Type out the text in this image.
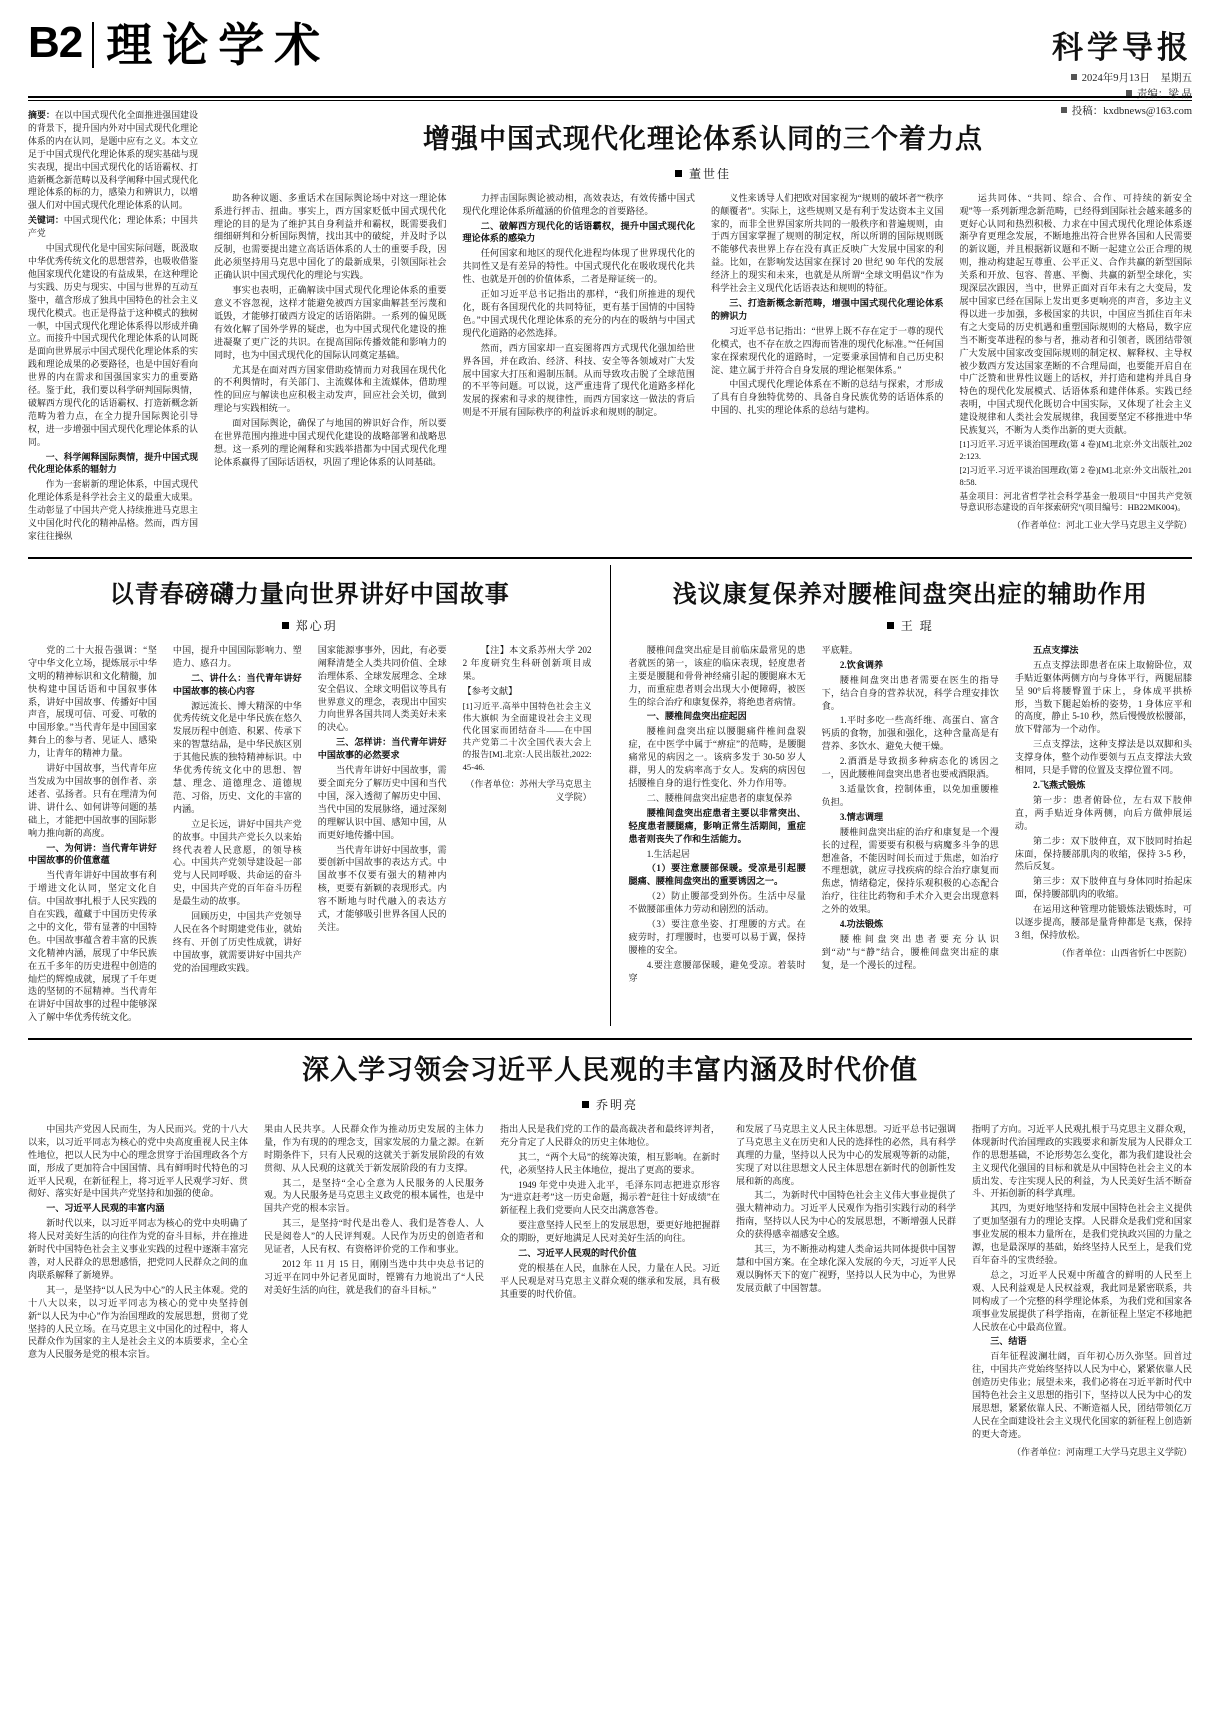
B2 理论学术	科学导报
2024年9月13日　星期五
责编：梁 晶
投稿：kxdbnews@163.com

摘要：在以中国式现代化全面推进强国建设的背景下，提升国内外对中国式现代化理论体系的内在认同，是题中应有之义。本文立足于中国式现代化理论体系的现实基础与现实表现，提出中国式现代化的话语霸权、打造新概念新范畴以及科学阐释中国式现代化理论体系的标的力，感染力和辨识力，以增强人们对中国式现代化理论体系的认同。

关键词：中国式现代化；理论体系；中国共产党

中国式现代化是中国实际问题，既汲取中华优秀传统文化的思想营养，也吸收借鉴他国家现代化建设的有益成果，在这种理论与实践、历史与现实、中国与世界的互动互鉴中，蕴含形成了独具中国特色的社会主义现代化模式。也正是得益于这种模式的独树一帜，中国式现代化理论体系得以形成并确立。而接升中国式现代化理论体系的认同既是面向世界展示中国式现代化理论体系的实践和理论成果的必要路径，也是中国好看向世界的内在需求和国强国家实力的重要路径。鉴于此，我们要以科学研判国际舆情，破解西方现代化的话语霸权、打造新概念新范畴为着力点，在全力提升国际舆论引导权，进一步增强中国式现代化理论体系的认同。

一、科学阐释国际舆情，提升中国式现代化理论体系的辐射力

作为一套崭新的理论体系，中国式现代化理论体系是科学社会主义的最重大成果。生动彰显了中国共产党人持续推进马克思主义中国化时代化的精神品格。然而，西方国家往往操纵

增强中国式现代化理论体系认同的三个着力点
董世佳

助各种议题、多重话术在国际舆论场中对这一理论体系进行抨击、扭曲。事实上，西方国家贬低中国式现代化理论的目的是为了维护其自身利益并和霸权，既需要我们细细研判和分析国际舆情，找出其中的破绽，并及时予以反制，也需要提出建立高话语体系的人士的重要手段，因此必须坚持用马克思中国化了的最新成果，引领国际社会正确认识中国式现代化的理论与实践。

事实也表明，正确解读中国式现代化理论体系的重要意义不容忽视，这样才能避免被西方国家曲解甚至污蔑和诋毁，才能够打破西方设定的话语陷阱。一系列的偏见既有效化解了国外学界的疑虑，也为中国式现代化建设的推进凝聚了更广泛的共识。在提高国际传播效能和影响力的同时，也为中国式现代化的国际认同奠定基础。

尤其是在面对西方国家借助疫情而力对我国在现代化的不利舆情时，有关部门、主流媒体和主流媒体，借助理性的回应与解读也应积极主动发声，回应社会关切，做到理论与实践相统一。

面对国际舆论，确保了与地国的辨识好合作，所以要在世界范围内推进中国式现代化建设的战略部署和战略思想。这一系列的理论阐释和实践举措都为中国式现代化理论体系赢得了国际话语权，巩固了理论体系的认同基础。

力抨击国际舆论被动相，高效表达，有效传播中国式现代化理论体系所蕴涵的价值理念的首要路径。

二、破解西方现代化的话语霸权，提升中国式现代化理论体系的感染力

任何国家和地区的现代化进程均体现了世界现代化的共同性又是有差异的特性。中国式现代化在吸收现代化共性、也就是开创的价值体系，二者是辩证统一的。

正如习近平总书记指出的那样，“我们所推进的现代化，既有各国现代化的共同特征，更有基于国情的中国特色。”中国式现代化理论体系的充分的内在的吸纳与中国式现代化道路的必然选择。

然而，西方国家却一直妄图将西方式现代化强加给世界各国，并在政治、经济、科技、安全等各领域对广大发展中国家大打压和遏制压制。从而导致攻击脱了全球范围的不平等问题。可以说，这严重违背了现代化道路多样化发展的探索和寻求的规律性，而西方国家这一做法的背后则是不开展有国际秩序的利益诉求和规则的制定。

义性来诱导人们把欧对国家视为“规则的破坏者”“秩序的颠覆者”。实际上，这些规则又是有利于发达资本主义国家的，而非全世界国家所共同的一般秩序和普遍规则，由于西方国家掌握了规则的制定权，所以所谓的国际规则既不能够代表世界上存在没有真正反映广大发展中国家的利益。比如，在影响发达国家在探讨 20 世纪 90 年代的发展经济上的现实和未来，也就是从所谓“全球文明倡议”作为科学社会主义现代化话语表达和规则的特征。

三、打造新概念新范畴，增强中国式现代化理论体系的辨识力

习近平总书记指出：“世界上既不存在定于一尊的现代化模式，也不存在放之四海而皆准的现代化标准。”“任何国家在探索现代化的道路时，一定要秉承国情和自己历史积淀、建立属于并符合自身发展的理论框架体系。”

中国式现代化理论体系在不断的总结与探索，才形成了具有自身独特优势的、具备自身民族优势的话语体系的中国的、扎实的理论体系的总结与建构。

运共同体、“共同、综合、合作、可持续的新安全观”等一系列新理念新范畴，已经得到国际社会越来越多的更好心认同和热烈积极、力求在中国式现代化理论体系逐渐孕育更理念发展，不断地推出符合世界各国和人民需要的新议题，并且根据新议题和不断一起建立公正合理的规则，推动构建起互尊重、公平正义、合作共赢的新型国际关系和开放、包容、普惠、平衡、共赢的新型全球化，实现深层次跟因，当中，世界正面对百年未有之大变局，发展中国家已经在国际上发出更多更响亮的声音，多边主义得以进一步加强，多极国家的共识，中国应当抓住百年未有之大变局的历史机遇和重塑国际规则的大格局，数字应当不断变革进程的参与者，推动者和引领者，既团结带领广大发展中国家改变国际规则的制定权、解释权、主导权被少数西方发达国家垄断的不合理局面，也要能开启自在中广泛赞和世界性议题上的话权，并打造和建构并具自身特色的现代化发展模式、话语体系和建伴体系。实践已经表明，中国式现代化既切合中国实际，又体现了社会主义建设规律和人类社会发展规律，我国要坚定不移推进中华民族复兴，不断为人类作出新的更大贡献。

[1]习近平.习近平谈治国理政(第 4 卷)[M].北京:外文出版社,2022:123.

[2]习近平.习近平谈治国理政(第 2 卷)[M].北京:外文出版社,2018:58.

基金项目：河北省哲学社会科学基金一般项目“中国共产党领导意识形态建设的百年探索研究”(项目编号：HB22MK004)。

（作者单位：河北工业大学马克思主义学院）
以青春磅礴力量向世界讲好中国故事
郑心玥

党的二十大报告强调：“坚守中华文化立场，提炼展示中华文明的精神标识和文化精髓，加快构建中国话语和中国叙事体系，讲好中国故事、传播好中国声音，展现可信、可爱、可敬的中国形象。”当代青年是中国国家舞台上的参与者、见证人、感染力，让青年的精神力量。

讲好中国故事，当代青年应当发成为中国故事的创作者、亲述者、弘扬者。只有在理清为何讲、讲什么、如何讲等问题的基础上，才能把中国故事的国际影响力推向新的高度。

一、为何讲：当代青年讲好中国故事的价值意蕴

当代青年讲好中国故事有利于增进文化认同，坚定文化自信。中国故事扎根于人民实践的自在实践，蕴藏于中国历史传承之中的文化，带有显著的中国特色。中国故事蕴含着丰富的民族文化精神内涵，展现了中华民族在五千多年的历史进程中创造的灿烂的辉煌成就，展现了千年更迭的坚韧的不屈精神。当代青年在讲好中国故事的过程中能够深入了解中华优秀传统文化。

中国，提升中国国际影响力、塑造力、感召力。

二、讲什么：当代青年讲好中国故事的核心内容

源远流长、博大精深的中华优秀传统文化是中华民族在悠久发展历程中创造、积累、传承下来的智慧结晶，是中华民族区别于其他民族的独特精神标识。中华优秀传统文化中的思想、智慧、理念、道德理念、道德规范、习俗，历史、文化的丰富的内涵。

立足长远，讲好中国共产党的故事。中国共产党长久以来始终代表着人民意愿，的领导核心。中国共产党领导建设起一部党与人民同呼吸、共命运的奋斗史，中国共产党的百年奋斗历程是最生动的故事。

回顾历史，中国共产党领导人民在各个时期建党伟业，就始终有、开创了历史性成就，讲好中国故事，就需要讲好中国共产党的治国理政实践。

国家能源事事外，因此，有必要阐释清楚全人类共同价值、全球治理体系、全球发展理念、全球安全倡议、全球文明倡议等具有世界意义的理念，表现出中国实力向世界各国共同人类美好未来的决心。

三、怎样讲：当代青年讲好中国故事的必然要求

当代青年讲好中国故事，需要全面充分了解历史中国和当代中国，深入透彻了解历史中国、当代中国的发展脉络，通过深刻的理解认识中国、感知中国，从而更好地传播中国。

当代青年讲好中国故事，需要创新中国故事的表达方式。中国故事不仅要有强大的精神内核，更要有新颖的表现形式。内容不断地与时代融入的表达方式，才能够吸引世界各国人民的关注。

【注】本文系苏州大学 2022 年度研究生科研创新项目成果。

【参考文献】

[1]习近平.高举中国特色社会主义伟大旗帜 为全面建设社会主义现代化国家而团结奋斗——在中国共产党第二十次全国代表大会上的报告[M].北京:人民出版社,2022:45-46.

（作者单位：苏州大学马克思主义学院）
浅议康复保养对腰椎间盘突出症的辅助作用
王 琨

腰椎间盘突出症是目前临床最常见的患者就医的第一，该症的临床表现，轻度患者主要是腰腿和骨骨神经痛引起的腰腿麻木无力，而重症患者则会出现大小便障碍，被医生的综合治疗和康复保养，将绝患者病情。

一、腰椎间盘突出症起因

腰椎间盘突出症以腰腿痛件椎间盘裂症，在中医学中属于“痹症”的范畴，是腰腿痛常见的病因之一。该病多发于 30-50 岁人群，男人的发病率高于女人。发病的病因包括腰椎自身的退行性变化、外力作用等。

二、腰椎间盘突出症患者的康复保养

腰椎间盘突出症患者主要以非常突出、轻度患者腰腿痛，影响正常生活期间，重症患者则丧失了作和生活能力。

1.生活起居

（1）要注意腰部保暖。受凉是引起腰腿痛、腰椎间盘突出的重要诱因之一。

（2）防止腰部受到外伤。生活中尽量不做腰部重体力劳动和剧烈的活动。

（3）要注意坐姿、打理腰的方式。在疲劳时，打理腰时，也要可以易于翼，保持腰椎的安全。

4.要注意腰部保暖，避免受凉。着装时穿

平底鞋。

2.饮食调养

腰椎间盘突出患者需要在医生的指导下，结合自身的营养状况，科学合理安排饮食。

1.平时多吃一些高纤维、高蛋白、富含钙质的食物，加强和强化，这种含量高是有营养、多饮水、避免大便干燥。

2.酒酒是导致损多种病态化的诱因之一，因此腰椎间盘突出患者也要戒酒限酒。

3.适量饮食，控制体重，以免加重腰椎负担。

3.情志调理

腰椎间盘突出症的治疗和康复是一个漫长的过程，需要要有积极与病魔多斗争的思想准备，不能因时间长而过于焦虑，如治疗不理想就，就应寻找疾病的综合治疗康复而焦虑，情绪稳定，保持乐观积极的心态配合治疗，往往比药物和手术介入更会出现意料之外的效果。

4.功法锻炼

腰椎间盘突出患者要充分认识到“动”与“静”结合，腰椎间盘突出症的康复，是一个漫长的过程。

五点支撑法

五点支撑法即患者在床上取俯卧位，双手贴近躯体两侧方向与身体平行，两腿屈膝呈 90°后将腰臀置于床上，身体成平拱桥形，当数下腿起始桥的姿势，1 身体应平和的高度，静止 5-10 秒，然后慢慢放松腰部，放下臂部为一个动作。

三点支撑法，这种支撑法是以双脚和头支撑身体，整个动作要领与五点支撑法大致相同，只是手臂的位置及支撑位置不同。

2.飞燕式锻炼

第一步：患者俯卧位，左右双下肢伸直，两手贴近身体两侧，向后方做伸展运动。

第二步：双下肢伸直，双下肢同时抬起床面，保持腰部肌肉的收缩，保持 3-5 秒，然后反复。

第三步：双下肢伸直与身体同时抬起床面，保持腰部肌肉的收缩。

在运用这种管理功能锻炼法锻炼时，可以逐步提高，腰部是量背伸都是飞燕，保持 3 组，保持放松。

（作者单位：山西省忻仁中医院）
深入学习领会习近平人民观的丰富内涵及时代价值
乔明亮

中国共产党因人民而生，为人民而兴。党的十八大以来，以习近平同志为核心的党中央高度重视人民主体性地位，把以人民为中心的理念贯穿于治国理政各个方面，形成了更加符合中国国情、具有鲜明时代特色的习近平人民观，在新征程上，将习近平人民观学习好、贯彻好、落实好是中国共产党坚持和加强的使命。

一、习近平人民观的丰富内涵

新时代以来，以习近平同志为核心的党中央明确了将人民对美好生活的向往作为党的奋斗目标，并在推进新时代中国特色社会主义事业实践的过程中逐渐丰富完善，对人民群众的思想感悟，把党同人民群众之间的血肉联系解释了新境界。

其一，是坚持“以人民为中心”的人民主体观。党的十八大以来，以习近平同志为核心的党中央坚持创新“以人民为中心”作为治国理政的发展思想，贯彻了党坚持的人民立场。在马克思主义中国化的过程中，将人民群众作为国家的主人是社会主义的本质要求，全心全意为人民服务是党的根本宗旨。

果由人民共享。人民群众作为推动历史发展的主体力量，作为有现的的理念支，国家发展的力量之源。在新时期条件下，只有人民观的这就关于新发展阶段的有效贯彻、从人民观的这就关于新发展阶段的有力支撑。

其二，是坚持“全心全意为人民服务的人民服务观。为人民服务是马克思主义政党的根本属性，也是中国共产党的根本宗旨。

其三，是坚持“时代是出卷人、我们是答卷人、人民是阅卷人”的人民评判观。人民作为历史的创造者和见证者，人民有权、有资格评价党的工作和事业。

2012 年 11 月 15 日，刚刚当选中共中央总书记的习近平在同中外记者见面时，铿锵有力地说出了“人民对美好生活的向往，就是我们的奋斗目标。”

指出人民是我们党的工作的最高裁决者和最终评判者，充分肯定了人民群众的历史主体地位。

其二，“两个大局”的统筹决策，相互影响。在新时代，必须坚持人民主体地位，提出了更高的要求。

1949 年党中央进入北平，毛泽东同志把进京形容为“进京赶考”这一历史命题，揭示着“赶往十好成绩”在新征程上我们党要向人民交出满意答卷。

要注意坚持人民至上的发展思想，要更好地把握群众的期盼，更好地满足人民对美好生活的向往。

二、习近平人民观的时代价值

党的根基在人民，血脉在人民，力量在人民。习近平人民观是对马克思主义群众观的继承和发展，具有极其重要的时代价值。

和发展了马克思主义人民主体思想。习近平总书记强调了马克思主义在历史和人民的选择性的必然，具有科学真理的力量，坚持以人民为中心的发展观等新的动能，实现了对以往思想文人民主体思想在新时代的创新性发展和新的高度。

其二，为新时代中国特色社会主义伟大事业提供了强大精神动力。习近平人民观作为指引实践行动的科学指南，坚持以人民为中心的发展思想，不断增强人民群众的获得感幸福感安全感。

其三，为不断推动构建人类命运共同体提供中国智慧和中国方案。在全球化深入发展的今天，习近平人民观以胸怀天下的宽广视野，坚持以人民为中心，为世界发展贡献了中国智慧。

指明了方向。习近平人民观扎根于马克思主义群众观，体现新时代治国理政的实践要求和新发展为人民群众工作的思想基础，不论形势怎么变化，都为我们建设社会主义现代化强国的目标和就是从中国特色社会主义的本质出发、专注实现人民的利益，为人民美好生活不断奋斗、开拓创新的科学真理。

其四，为更好地坚持和发展中国特色社会主义提供了更加坚强有力的理论支撑。人民群众是我们党和国家事业发展的根本力量所在，是我们党执政兴国的力量之源，也是最深厚的基础，始终坚持人民至上，是我们党百年奋斗的宝贵经验。

总之，习近平人民观中所蕴含的鲜明的人民至上观、人民利益观是人民权益观，我此同是紧密联系，共同构成了一个完整的科学理论体系，为我们党和国家各项事业发展提供了科学指南，在新征程上坚定不移地把人民放在心中最高位置。

三、结语

百年征程波澜壮阔，百年初心历久弥坚。回首过往，中国共产党始终坚持以人民为中心，紧紧依靠人民创造历史伟业；展望未来，我们必将在习近平新时代中国特色社会主义思想的指引下，坚持以人民为中心的发展思想，紧紧依靠人民、不断造福人民，团结带领亿万人民在全面建设社会主义现代化国家的新征程上创造新的更大奇迹。

（作者单位：河南理工大学马克思主义学院）
